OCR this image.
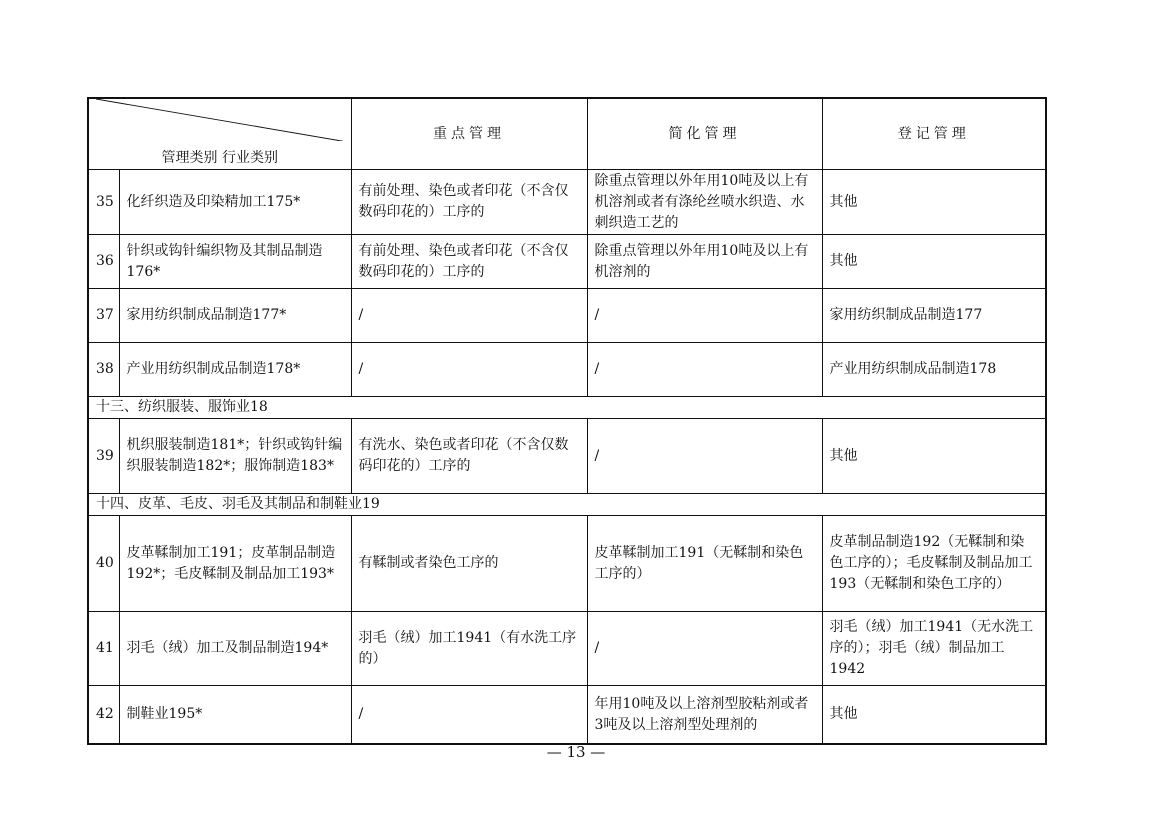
管理类别 行业类别		重点管理	简化管理	登记管理
35	化纤织造及印染精加工175*	有前处理、染色或者印花（不含仅数码印花的）工序的	除重点管理以外年用10吨及以上有机溶剂或者有涤纶丝喷水织造、水刺织造工艺的	其他
36	针织或钩针编织物及其制品制造176*	有前处理、染色或者印花（不含仅数码印花的）工序的	除重点管理以外年用10吨及以上有机溶剂的	其他
37	家用纺织制成品制造177*	/	/	家用纺织制成品制造177
38	产业用纺织制成品制造178*	/	/	产业用纺织制成品制造178
十三、纺织服装、服饰业18				
39	机织服装制造181*；针织或钩针编织服装制造182*；服饰制造183*	有洗水、染色或者印花（不含仅数码印花的）工序的	/	其他
十四、皮革、毛皮、羽毛及其制品和制鞋业19				
40	皮革鞣制加工191；皮革制品制造192*；毛皮鞣制及制品加工193*	有鞣制或者染色工序的	皮革鞣制加工191（无鞣制和染色工序的）	皮革制品制造192（无鞣制和染色工序的）；毛皮鞣制及制品加工193（无鞣制和染色工序的）
41	羽毛（绒）加工及制品制造194*	羽毛（绒）加工1941（有水洗工序的）	/	羽毛（绒）加工1941（无水洗工序的）；羽毛（绒）制品加工1942
42	制鞋业195*	/	年用10吨及以上溶剂型胶粘剂或者3吨及以上溶剂型处理剂的	其他
— 13 —
